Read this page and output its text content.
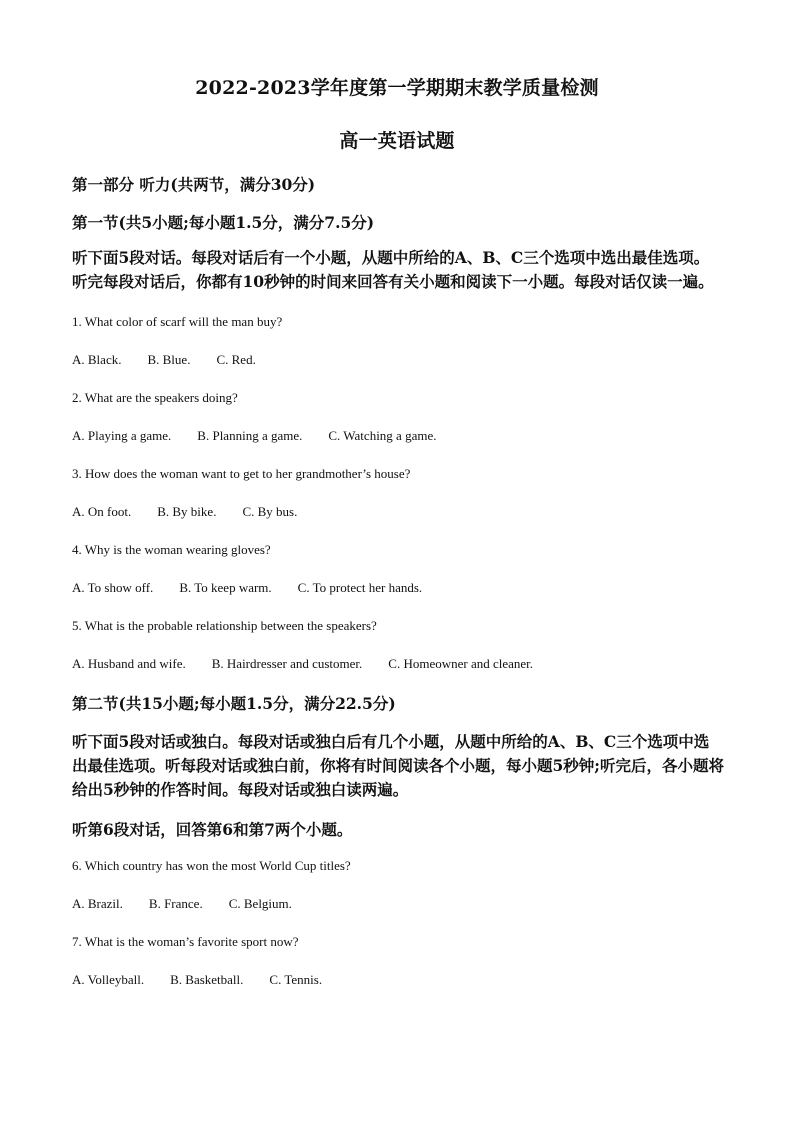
2022-2023学年度第一学期期末教学质量检测
高一英语试题
第一部分 听力(共两节，满分30分)
第一节(共5小题;每小题1.5分，满分7.5分)
听下面5段对话。每段对话后有一个小题，从题中所给的A、B、C三个选项中选出最佳选项。听完每段对话后，你都有10秒钟的时间来回答有关小题和阅读下一小题。每段对话仅读一遍。
1. What color of scarf will the man buy?
A. Black. B. Blue. C. Red.
2. What are the speakers doing?
A. Playing a game. B. Planning a game. C. Watching a game.
3. How does the woman want to get to her grandmother’s house?
A. On foot. B. By bike. C. By bus.
4. Why is the woman wearing gloves?
A. To show off. B. To keep warm. C. To protect her hands.
5. What is the probable relationship between the speakers?
A. Husband and wife. B. Hairdresser and customer. C. Homeowner and cleaner.
第二节(共15小题;每小题1.5分，满分22.5分)
听下面5段对话或独白。每段对话或独白后有几个小题，从题中所给的A、B、C三个选项中选出最佳选项。听每段对话或独白前，你将有时间阅读各个小题，每小题5秒钟;听完后，各小题将给出5秒钟的作答时间。每段对话或独白读两遍。
听第6段对话，回答第6和第7两个小题。
6. Which country has won the most World Cup titles?
A. Brazil. B. France. C. Belgium.
7. What is the woman’s favorite sport now?
A. Volleyball. B. Basketball. C. Tennis.
